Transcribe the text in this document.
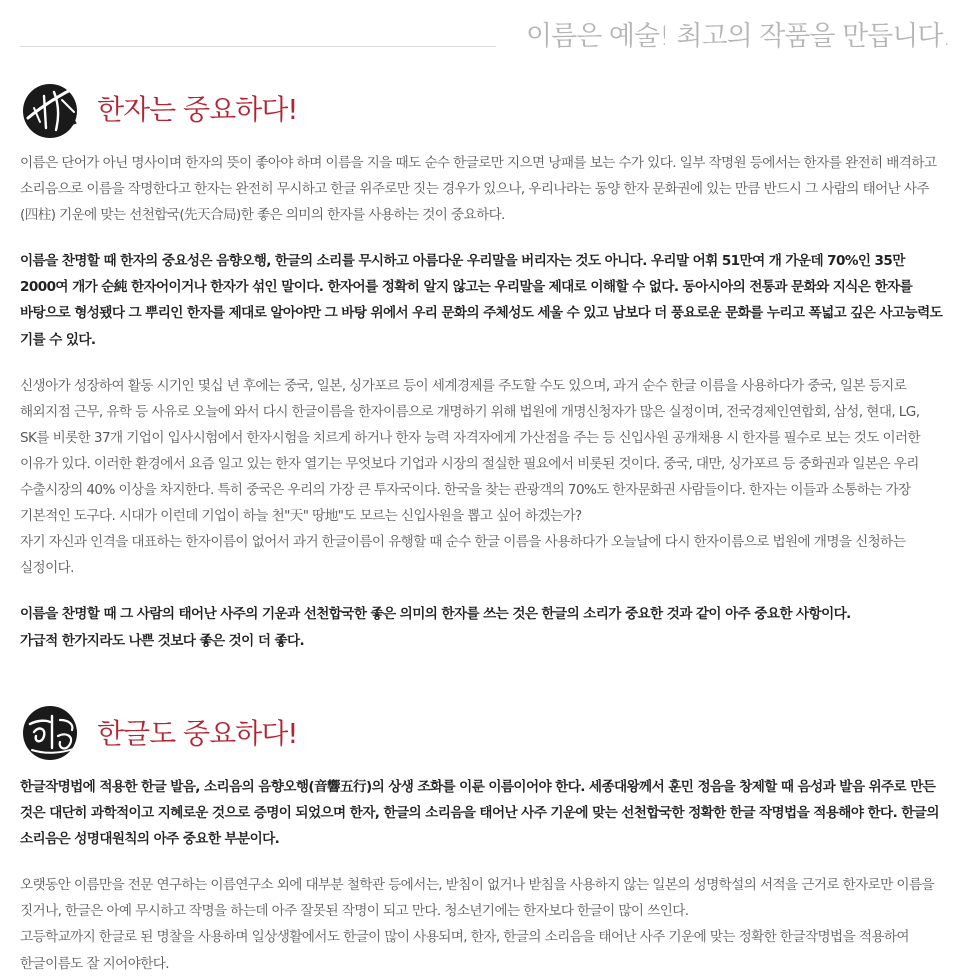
이름은 예술! 최고의 작품을 만듭니다.
한자는 중요하다!

이름은 단어가 아닌 명사이며 한자의 뜻이 좋아야 하며 이름을 지을 때도 순수 한글로만 지으면 낭패를 보는 수가 있다. 일부 작명원 등에서는 한자를 완전히 배격하고 소리음으로 이름을 작명한다고 한자는 완전히 무시하고 한글 위주로만 짓는 경우가 있으나, 우리나라는 동양 한자 문화권에 있는 만큼 반드시 그 사람의 태어난 사주(四柱) 기운에 맞는 선천합국(先天合局)한 좋은 의미의 한자를 사용하는 것이 중요하다.

이름을 찬명할 때 한자의 중요성은 음향오행, 한글의 소리를 무시하고 아름다운 우리말을 버리자는 것도 아니다. 우리말 어휘 51만여 개 가운데 70%인 35만 2000여 개가 순純 한자어이거나 한자가 섞인 말이다. 한자어를 정확히 알지 않고는 우리말을 제대로 이해할 수 없다. 동아시아의 전통과 문화와 지식은 한자를 바탕으로 형성됐다 그 뿌리인 한자를 제대로 알아야만 그 바탕 위에서 우리 문화의 주체성도 세울 수 있고 남보다 더 풍요로운 문화를 누리고 폭넓고 깊은 사고능력도 기를 수 있다.

신생아가 성장하여 활동 시기인 몇십 년 후에는 중국, 일본, 싱가포르 등이 세계경제를 주도할 수도 있으며, 과거 순수 한글 이름을 사용하다가 중국, 일본 등지로 해외지점 근무, 유학 등 사유로 오늘에 와서 다시 한글이름을 한자이름으로 개명하기 위해 법원에 개명신청자가 많은 실정이며, 전국경제인연합회, 삼성, 현대, LG, SK를 비롯한 37개 기업이 입사시험에서 한자시험을 치르게 하거나 한자 능력 자격자에게 가산점을 주는 등 신입사원 공개채용 시 한자를 필수로 보는 것도 이러한 이유가 있다. 이러한 환경에서 요즘 일고 있는 한자 열기는 무엇보다 기업과 시장의 절실한 필요에서 비롯된 것이다. 중국, 대만, 싱가포르 등 중화권과 일본은 우리 수출시장의 40% 이상을 차지한다. 특히 중국은 우리의 가장 큰 투자국이다. 한국을 찾는 관광객의 70%도 한자문화권 사람들이다. 한자는 이들과 소통하는 가장 기본적인 도구다. 시대가 이런데 기업이 하늘 천"天" 땅地"도 모르는 신입사원을 뽑고 싶어 하겠는가?

자기 자신과 인격을 대표하는 한자이름이 없어서 과거 한글이름이 유행할 때 순수 한글 이름을 사용하다가 오늘날에 다시 한자이름으로 법원에 개명을 신청하는 실정이다.

이름을 찬명할 때 그 사람의 태어난 사주의 기운과 선천합국한 좋은 의미의 한자를 쓰는 것은 한글의 소리가 중요한 것과 같이 아주 중요한 사항이다.

가급적 한가지라도 나쁜 것보다 좋은 것이 더 좋다.

한글도 중요하다!

한글작명법에 적용한 한글 발음, 소리음의 음향오행(音響五行)의 상생 조화를 이룬 이름이어야 한다. 세종대왕께서 훈민 정음을 창제할 때 음성과 발음 위주로 만든 것은 대단히 과학적이고 지혜로운 것으로 증명이 되었으며 한자, 한글의 소리음을 태어난 사주 기운에 맞는 선천합국한 정확한 한글 작명법을 적용해야 한다. 한글의 소리음은 성명대원칙의 아주 중요한 부분이다.

오랫동안 이름만을 전문 연구하는 이름연구소 외에 대부분 철학관 등에서는, 받침이 없거나 받침을 사용하지 않는 일본의 성명학설의 서적을 근거로 한자로만 이름을 짓거나, 한글은 아예 무시하고 작명을 하는데 아주 잘못된 작명이 되고 만다. 청소년기에는 한자보다 한글이 많이 쓰인다.

고등학교까지 한글로 된 명찰을 사용하며 일상생활에서도 한글이 많이 사용되며, 한자, 한글의 소리음을 태어난 사주 기운에 맞는 정확한 한글작명법을 적용하여 한글이름도 잘 지어야한다.
